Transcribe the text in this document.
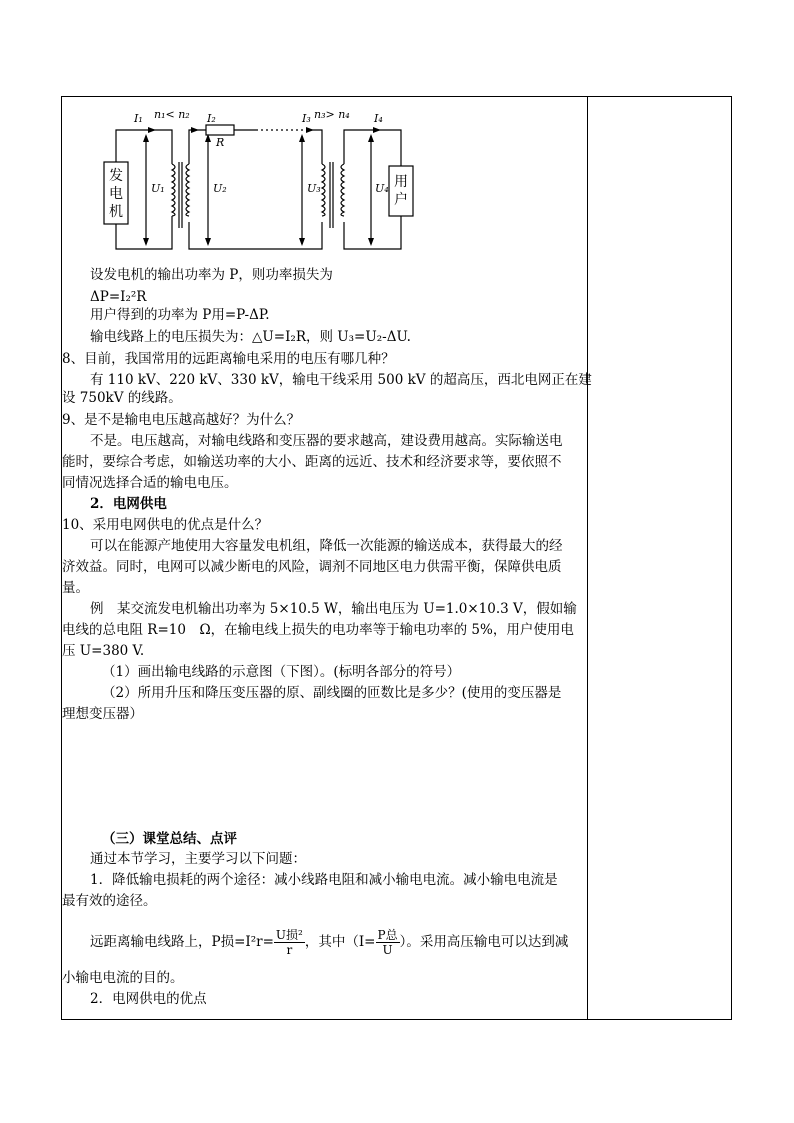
I₁ n₁< n₂ I₂
R
I₃ n₃> n₄ I₄
U₁	U₂	U₃	U₄
发
电
机
用
户
设发电机的输出功率为 P，则功率损失为
ΔP=I₂²R
用户得到的功率为 P用=P-ΔP.
输电线路上的电压损失为：△U=I₂R，则 U₃=U₂-ΔU.
8、目前，我国常用的远距离输电采用的电压有哪几种？
有 110 kV、220 kV、330 kV，输电干线采用 500 kV 的超高压，西北电网正在建
设 750kV 的线路。
9、是不是输电电压越高越好？为什么？
不是。电压越高，对输电线路和变压器的要求越高，建设费用越高。实际输送电
能时，要综合考虑，如输送功率的大小、距离的远近、技术和经济要求等，要依照不
同情况选择合适的输电电压。
2．电网供电
10、采用电网供电的优点是什么？
可以在能源产地使用大容量发电机组，降低一次能源的输送成本，获得最大的经
济效益。同时，电网可以减少断电的风险，调剂不同地区电力供需平衡，保障供电质
量。
例　某交流发电机输出功率为 5×10.5 W，输出电压为 U=1.0×10.3 V，假如输
电线的总电阻 R=10　Ω，在输电线上损失的电功率等于输电功率的 5%，用户使用电
压 U=380 V.
（1）画出输电线路的示意图（下图）。(标明各部分的符号）
（2）所用升压和降压变压器的原、副线圈的匝数比是多少？(使用的变压器是
理想变压器）
（三）课堂总结、点评
通过本节学习，主要学习以下问题：
1．降低输电损耗的两个途径：减小线路电阻和减小输电电流。减小输电电流是
最有效的途径。
远距离输电线路上，P损$=I^2r= \frac{\text{U损²}}{r}$ ，其中（$I= \frac{\text{P总}}{U}$ ）。采用高压输电可以达到减
小输电电流的目的。
2．电网供电的优点
